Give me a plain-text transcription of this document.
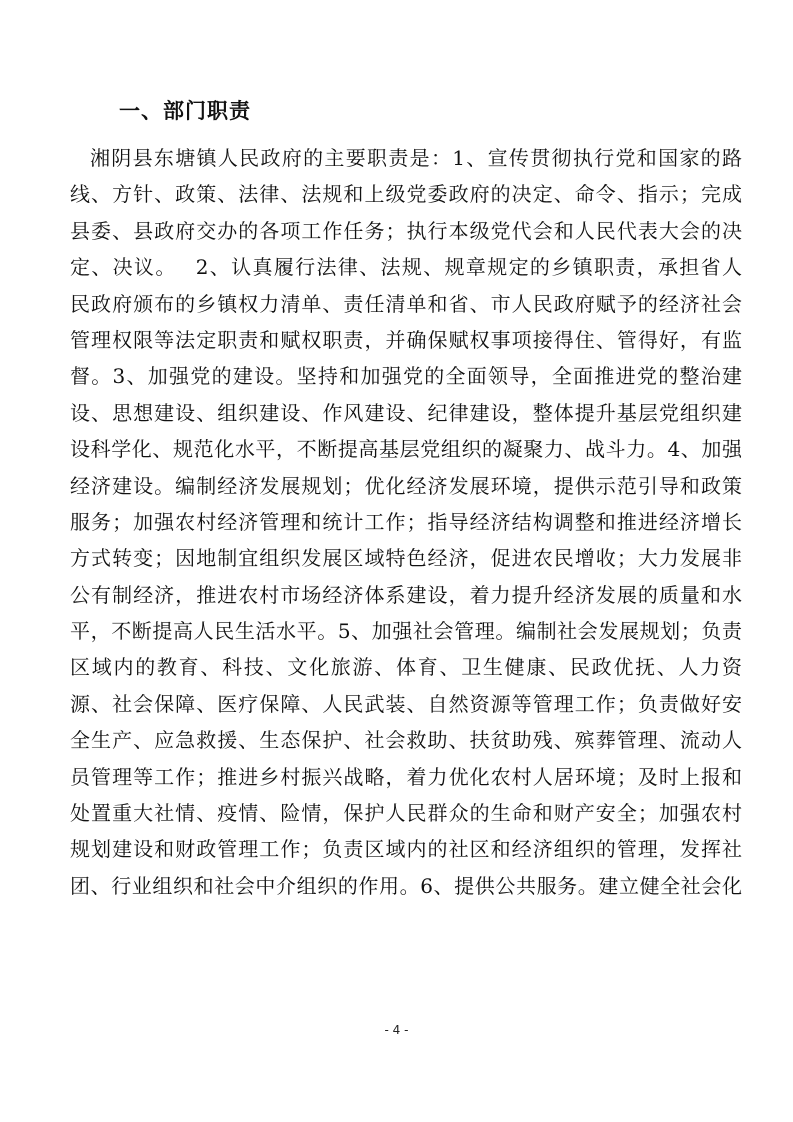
一、部门职责
湘阴县东塘镇人民政府的主要职责是：1、宣传贯彻执行党和国家的路
线、方针、政策、法律、法规和上级党委政府的决定、命令、指示；完成
县委、县政府交办的各项工作任务；执行本级党代会和人民代表大会的决
定、决议。　 2、认真履行法律、法规、规章规定的乡镇职责，承担省人
民政府颁布的乡镇权力清单、责任清单和省、市人民政府赋予的经济社会
管理权限等法定职责和赋权职责，并确保赋权事项接得住、管得好，有监
督。3、加强党的建设。坚持和加强党的全面领导，全面推进党的整治建
设、思想建设、组织建设、作风建设、纪律建设，整体提升基层党组织建
设科学化、规范化水平，不断提高基层党组织的凝聚力、战斗力。4、加强
经济建设。编制经济发展规划；优化经济发展环境，提供示范引导和政策
服务；加强农村经济管理和统计工作；指导经济结构调整和推进经济增长
方式转变；因地制宜组织发展区域特色经济，促进农民增收；大力发展非
公有制经济，推进农村市场经济体系建设，着力提升经济发展的质量和水
平，不断提高人民生活水平。5、加强社会管理。编制社会发展规划；负责
区域内的教育、科技、文化旅游、体育、卫生健康、民政优抚、人力资
源、社会保障、医疗保障、人民武装、自然资源等管理工作；负责做好安
全生产、应急救援、生态保护、社会救助、扶贫助残、殡葬管理、流动人
员管理等工作；推进乡村振兴战略，着力优化农村人居环境；及时上报和
处置重大社情、疫情、险情，保护人民群众的生命和财产安全；加强农村
规划建设和财政管理工作；负责区域内的社区和经济组织的管理，发挥社
团、行业组织和社会中介组织的作用。6、提供公共服务。建立健全社会化
- 4 -
